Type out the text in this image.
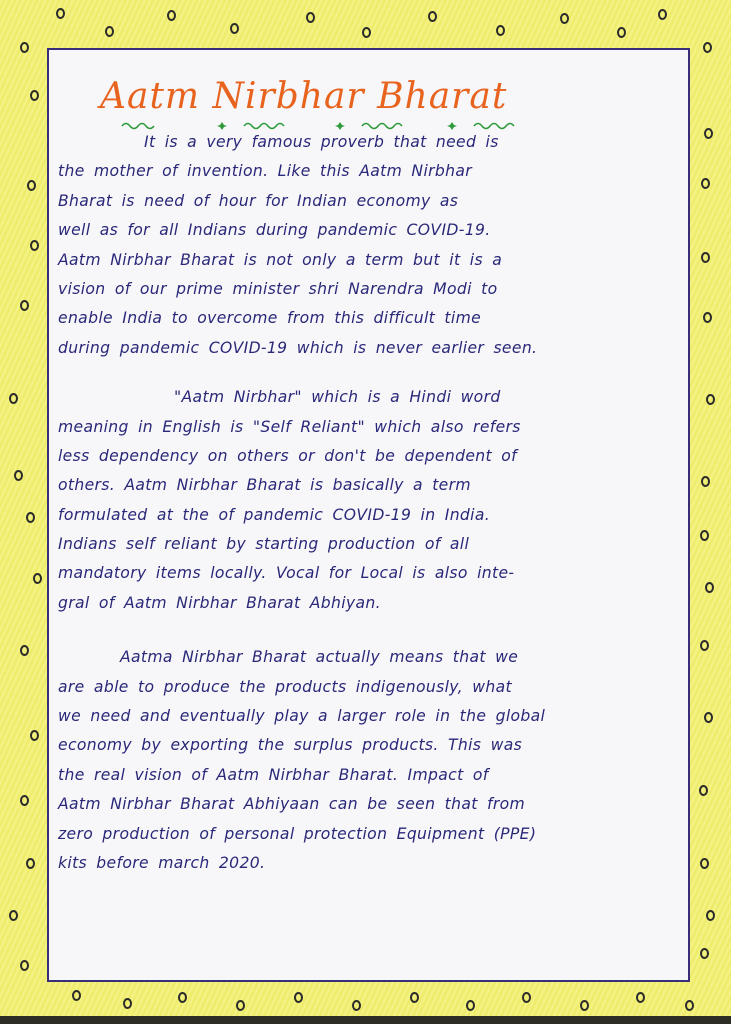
Aatm Nirbhar Bharat
It is a very famous proverb that need is
the mother of invention. Like this Aatm Nirbhar
Bharat is need of hour for Indian economy as
well as for all Indians during pandemic COVID-19.
Aatm Nirbhar Bharat is not only a term but it is a
vision of our prime minister shri Narendra Modi to
enable India to overcome from this difficult time
during pandemic COVID-19 which is never earlier seen.
"Aatm Nirbhar" which is a Hindi word
meaning in English is "Self Reliant" which also refers
less dependency on others or don't be dependent of
others. Aatm Nirbhar Bharat is basically a term
formulated at the of pandemic COVID-19 in India.
Indians self reliant by starting production of all
mandatory items locally. Vocal for Local is also inte-
gral of Aatm Nirbhar Bharat Abhiyan.
Aatma Nirbhar Bharat actually means that we
are able to produce the products indigenously, what
we need and eventually play a larger role in the global
economy by exporting the surplus products. This was
the real vision of Aatm Nirbhar Bharat. Impact of
Aatm Nirbhar Bharat Abhiyaan can be seen that from
zero production of personal protection Equipment (PPE)
kits before march 2020.
